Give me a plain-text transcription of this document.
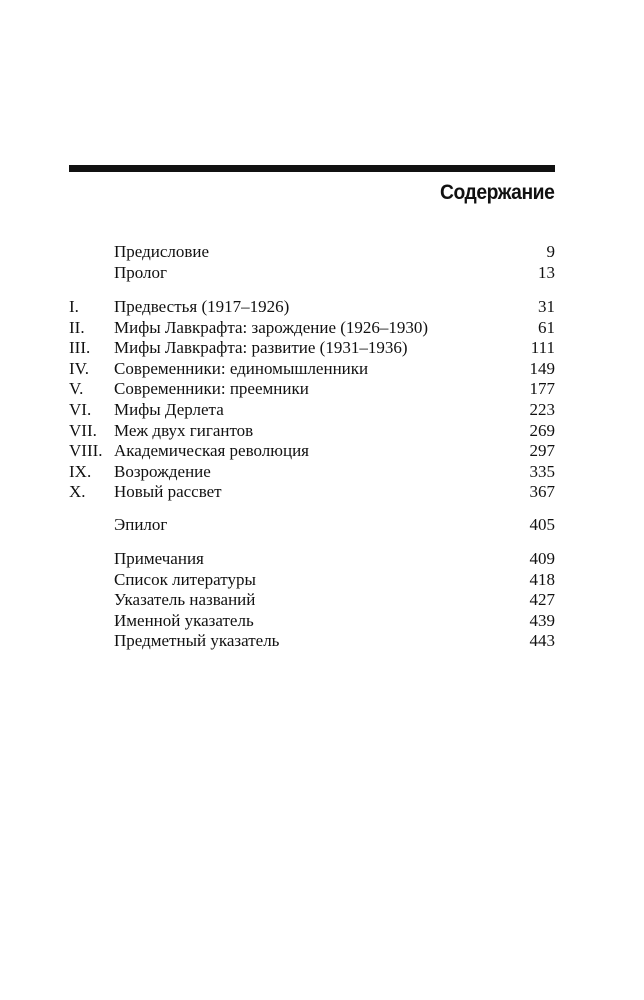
Содержание
Предисловие	9
Пролог	13
I. Предвестья (1917–1926)	31
II. Мифы Лавкрафта: зарождение (1926–1930)	61
III. Мифы Лавкрафта: развитие (1931–1936)	111
IV. Современники: единомышленники	149
V. Современники: преемники	177
VI. Мифы Дерлета	223
VII. Меж двух гигантов	269
VIII. Академическая революция	297
IX. Возрождение	335
X. Новый рассвет	367
Эпилог	405
Примечания	409
Список литературы	418
Указатель названий	427
Именной указатель	439
Предметный указатель	443
